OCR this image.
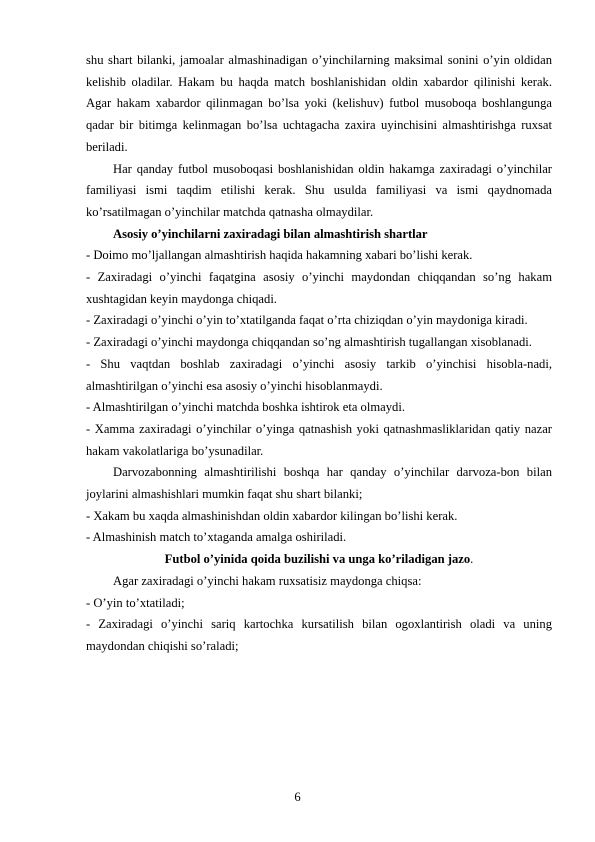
shu shart bilanki, jamoalar almashinadigan o’yinchilarning maksimal sonini o’yin oldidan kelishib oladilar. Hakam bu haqda match boshlanishidan oldin xabardor qilinishi kerak. Agar hakam xabardor qilinmagan bo’lsa yoki (kelishuv) futbol musoboqa boshlangunga qadar bir bitimga kelinmagan bo’lsa uchtagacha zaxira uyinchisini almashtirishga ruxsat beriladi.

Har qanday futbol musoboqasi boshlanishidan oldin hakamga zaxiradagi o’yinchilar familiyasi ismi taqdim etilishi kerak. Shu usulda familiyasi va ismi qaydnomada ko’rsatilmagan o’yinchilar matchda qatnasha olmaydilar.

Asosiy o’yinchilarni zaxiradagi bilan almashtirish shartlar

- Doimo mo’ljallangan almashtirish haqida hakamning xabari bo’lishi kerak.

- Zaxiradagi o’yinchi faqatgina asosiy o’yinchi maydondan chiqqandan so’ng hakam xushtagidan keyin maydonga chiqadi.

- Zaxiradagi o’yinchi o’yin to’xtatilganda faqat o’rta chiziqdan o’yin maydoniga kiradi.

- Zaxiradagi o’yinchi maydonga chiqqandan so’ng almashtirish tugallangan xisoblanadi.

- Shu vaqtdan boshlab zaxiradagi o’yinchi asosiy tarkib o’yinchisi hisobla-nadi, almashtirilgan o’yinchi esa asosiy o’yinchi hisoblanmaydi.

- Almashtirilgan o’yinchi matchda boshka ishtirok eta olmaydi.

- Xamma zaxiradagi o’yinchilar o’yinga qatnashish yoki qatnashmasliklaridan qatiy nazar hakam vakolatlariga bo’ysunadilar.

Darvozabonning almashtirilishi boshqa har qanday o’yinchilar darvoza-bon bilan joylarini almashishlari mumkin faqat shu shart bilanki;

- Xakam bu xaqda almashinishdan oldin xabardor kilingan bo’lishi kerak.

- Almashinish match to’xtaganda amalga oshiriladi.

Futbol o’yinida qoida buzilishi va unga ko’riladigan jazo.

Agar zaxiradagi o’yinchi hakam ruxsatisiz maydonga chiqsa:

- O’yin to’xtatiladi;

- Zaxiradagi o’yinchi sariq kartochka kursatilish bilan ogoxlantirish oladi va uning maydondan chiqishi so’raladi;

6
